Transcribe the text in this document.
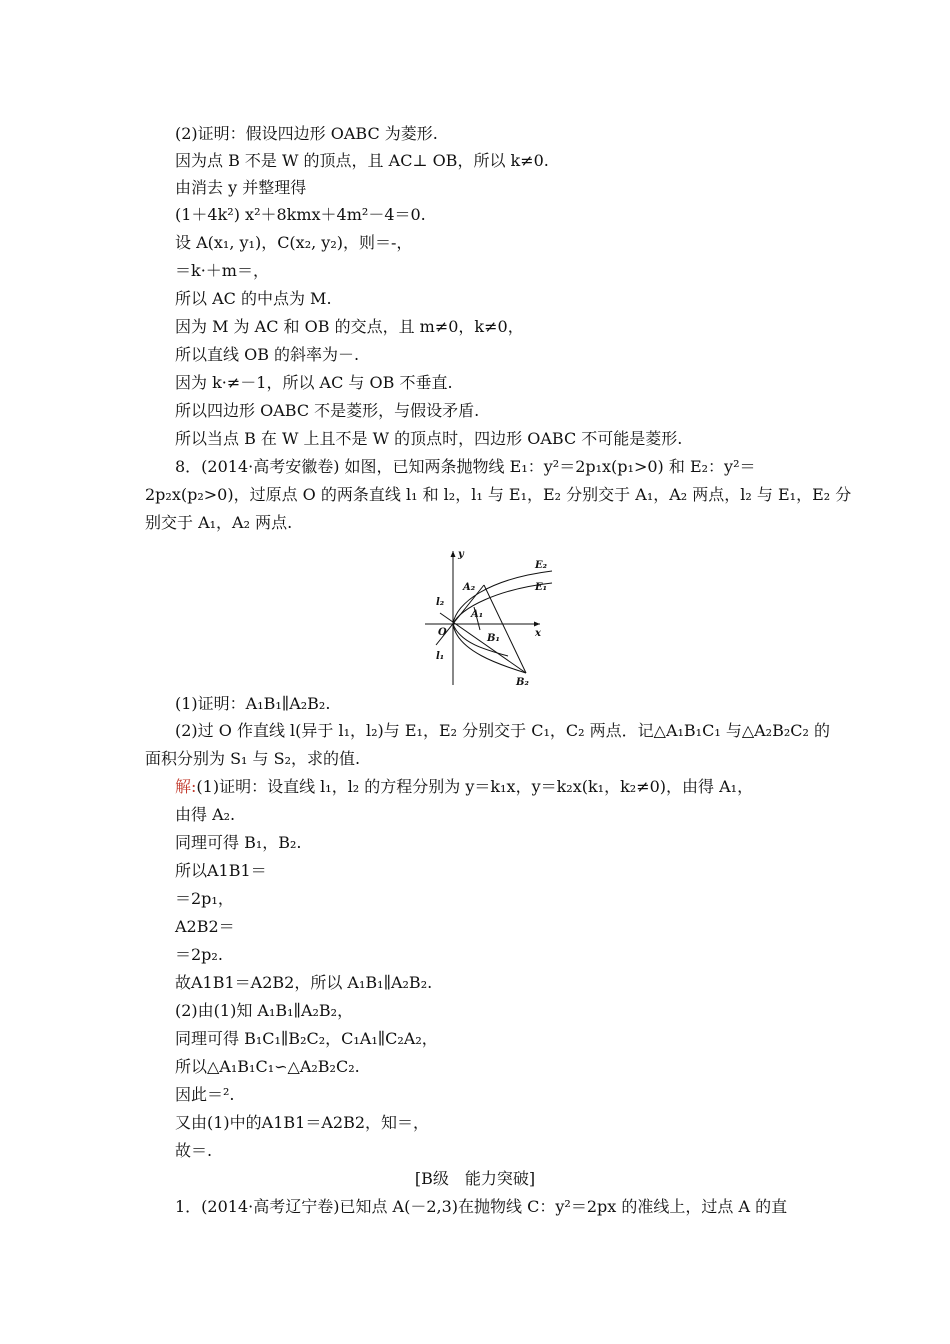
(2)证明：假设四边形 OABC 为菱形.
因为点 B 不是 W 的顶点，且 AC⊥ OB，所以 k≠0.
由消去 y 并整理得
(1＋4k²) x²＋8kmx＋4m²－4＝0.
设 A(x₁, y₁)，C(x₂, y₂)，则＝-，
＝k·＋m＝，
所以 AC 的中点为 M.
因为 M 为 AC 和 OB 的交点，且 m≠0，k≠0，
所以直线 OB 的斜率为－.
因为 k·≠－1，所以 AC 与 OB 不垂直.
所以四边形 OABC 不是菱形，与假设矛盾.
所以当点 B 在 W 上且不是 W 的顶点时，四边形 OABC 不可能是菱形.
8．(2014·高考安徽卷) 如图，已知两条抛物线 E₁：y²＝2p₁x(p₁>0) 和 E₂：y²＝
2p₂x(p₂>0)，过原点 O 的两条直线 l₁ 和 l₂，l₁ 与 E₁，E₂ 分别交于 A₁，A₂ 两点，l₂ 与 E₁，E₂ 分
别交于 A₁，A₂ 两点.
y
x
O
E₂
E₁
A₂
A₁
B₁
B₂
l₂
l₁
(1)证明：A₁B₁∥A₂B₂.
(2)过 O 作直线 l(异于 l₁，l₂)与 E₁，E₂ 分别交于 C₁，C₂ 两点．记△A₁B₁C₁ 与△A₂B₂C₂ 的
面积分别为 S₁ 与 S₂，求的值.
解:(1)证明：设直线 l₁，l₂ 的方程分别为 y＝k₁x，y＝k₂x(k₁，k₂≠0)，由得 A₁，
由得 A₂.
同理可得 B₁，B₂.
所以A1B1＝
＝2p₁，
A2B2＝
＝2p₂.
故A1B1＝A2B2，所以 A₁B₁∥A₂B₂.
(2)由(1)知 A₁B₁∥A₂B₂，
同理可得 B₁C₁∥B₂C₂，C₁A₁∥C₂A₂，
所以△A₁B₁C₁∽△A₂B₂C₂.
因此＝².
又由(1)中的A1B1＝A2B2，知＝，
故＝.
[B级　能力突破]
1．(2014·高考辽宁卷)已知点 A(－2,3)在抛物线 C：y²＝2px 的准线上，过点 A 的直
